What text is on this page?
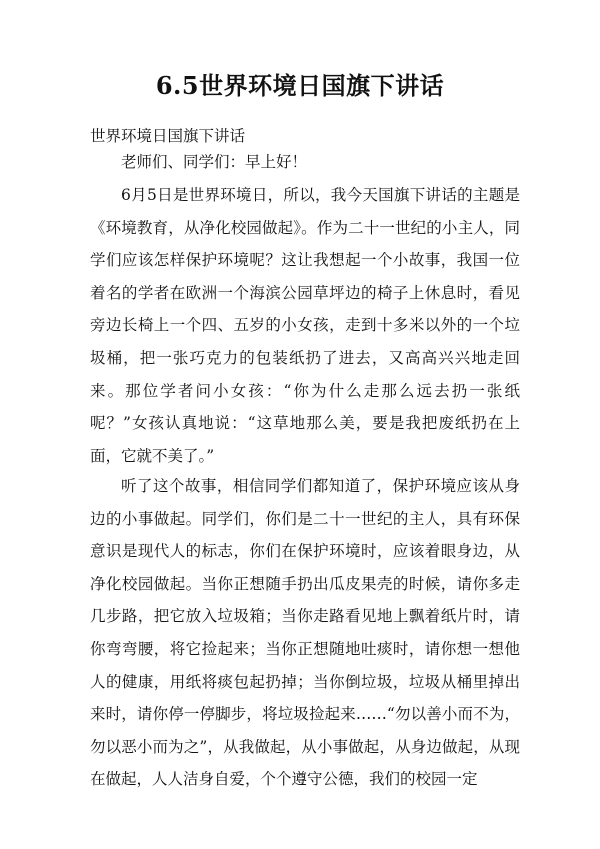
6.5世界环境日国旗下讲话
世界环境日国旗下讲话
老师们、同学们：早上好！
6月5日是世界环境日，所以，我今天国旗下讲话的主题是《环境教育，从净化校园做起》。作为二十一世纪的小主人，同学们应该怎样保护环境呢？这让我想起一个小故事，我国一位着名的学者在欧洲一个海滨公园草坪边的椅子上休息时，看见旁边长椅上一个四、五岁的小女孩，走到十多米以外的一个垃圾桶，把一张巧克力的包装纸扔了进去，又高高兴兴地走回来。那位学者问小女孩：“你为什么走那么远去扔一张纸呢？”女孩认真地说：“这草地那么美，要是我把废纸扔在上面，它就不美了。”
听了这个故事，相信同学们都知道了，保护环境应该从身边的小事做起。同学们，你们是二十一世纪的主人，具有环保意识是现代人的标志，你们在保护环境时，应该着眼身边，从净化校园做起。当你正想随手扔出瓜皮果壳的时候，请你多走几步路，把它放入垃圾箱；当你走路看见地上飘着纸片时，请你弯弯腰，将它捡起来；当你正想随地吐痰时，请你想一想他人的健康，用纸将痰包起扔掉；当你倒垃圾，垃圾从桶里掉出来时，请你停一停脚步，将垃圾捡起来……“勿以善小而不为，勿以恶小而为之”，从我做起，从小事做起，从身边做起，从现在做起，人人洁身自爱，个个遵守公德，我们的校园一定
